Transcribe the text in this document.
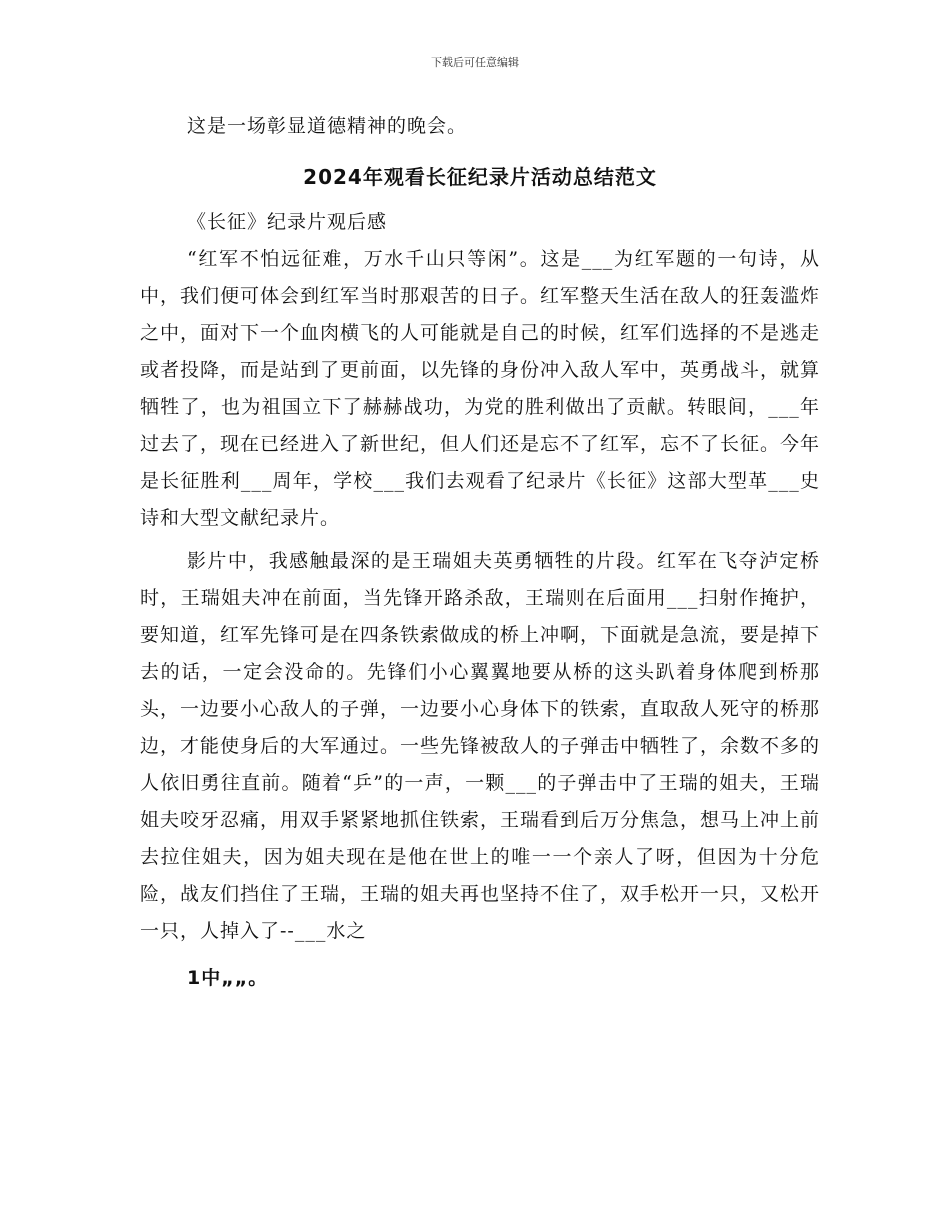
下载后可任意编辑

这是一场彰显道德精神的晚会。

2024年观看长征纪录片活动总结范文

《长征》纪录片观后感

“红军不怕远征难，万水千山只等闲”。这是___为红军题的一句诗，从中，我们便可体会到红军当时那艰苦的日子。红军整天生活在敌人的狂轰滥炸之中，面对下一个血肉横飞的人可能就是自己的时候，红军们选择的不是逃走或者投降，而是站到了更前面，以先锋的身份冲入敌人军中，英勇战斗，就算牺牲了，也为祖国立下了赫赫战功，为党的胜利做出了贡献。转眼间，___年过去了，现在已经进入了新世纪，但人们还是忘不了红军，忘不了长征。今年是长征胜利___周年，学校___我们去观看了纪录片《长征》这部大型革___史诗和大型文献纪录片。

影片中，我感触最深的是王瑞姐夫英勇牺牲的片段。红军在飞夺泸定桥时，王瑞姐夫冲在前面，当先锋开路杀敌，王瑞则在后面用___扫射作掩护，要知道，红军先锋可是在四条铁索做成的桥上冲啊，下面就是急流，要是掉下去的话，一定会没命的。先锋们小心翼翼地要从桥的这头趴着身体爬到桥那头，一边要小心敌人的子弹，一边要小心身体下的铁索，直取敌人死守的桥那边，才能使身后的大军通过。一些先锋被敌人的子弹击中牺牲了，余数不多的人依旧勇往直前。随着“乒”的一声，一颗___的子弹击中了王瑞的姐夫，王瑞姐夫咬牙忍痛，用双手紧紧地抓住铁索，王瑞看到后万分焦急，想马上冲上前去拉住姐夫，因为姐夫现在是他在世上的唯一一个亲人了呀，但因为十分危险，战友们挡住了王瑞，王瑞的姐夫再也坚持不住了，双手松开一只，又松开一只，人掉入了--___水之

1中„„。
